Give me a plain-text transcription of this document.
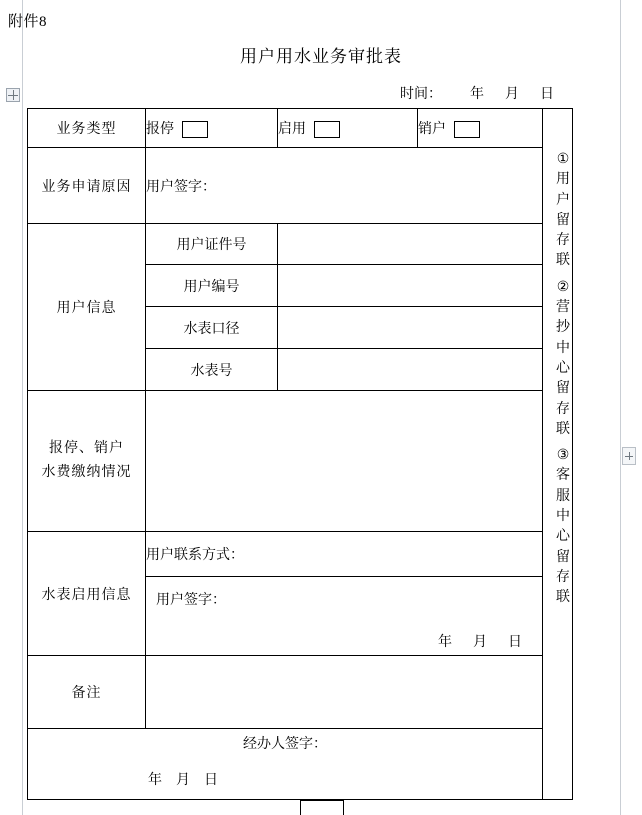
附件8
用户用水业务审批表
时间：        年      月      日
业务类型	报停	启用	销户	

业务申请原因	用户签字：			
用户信息	用户证件号			
	用户编号			
	水表口径			
	水表号			

报停、销户
水费缴纳情况				

水表启用信息	用户联系方式：			

	用户签字：
年      月      日			

备注				

经办人签字：
年    月    日				
①
用
户
留
存
联
②
营
抄
中
心
留
存
联
③
客
服
中
心
留
存
联
